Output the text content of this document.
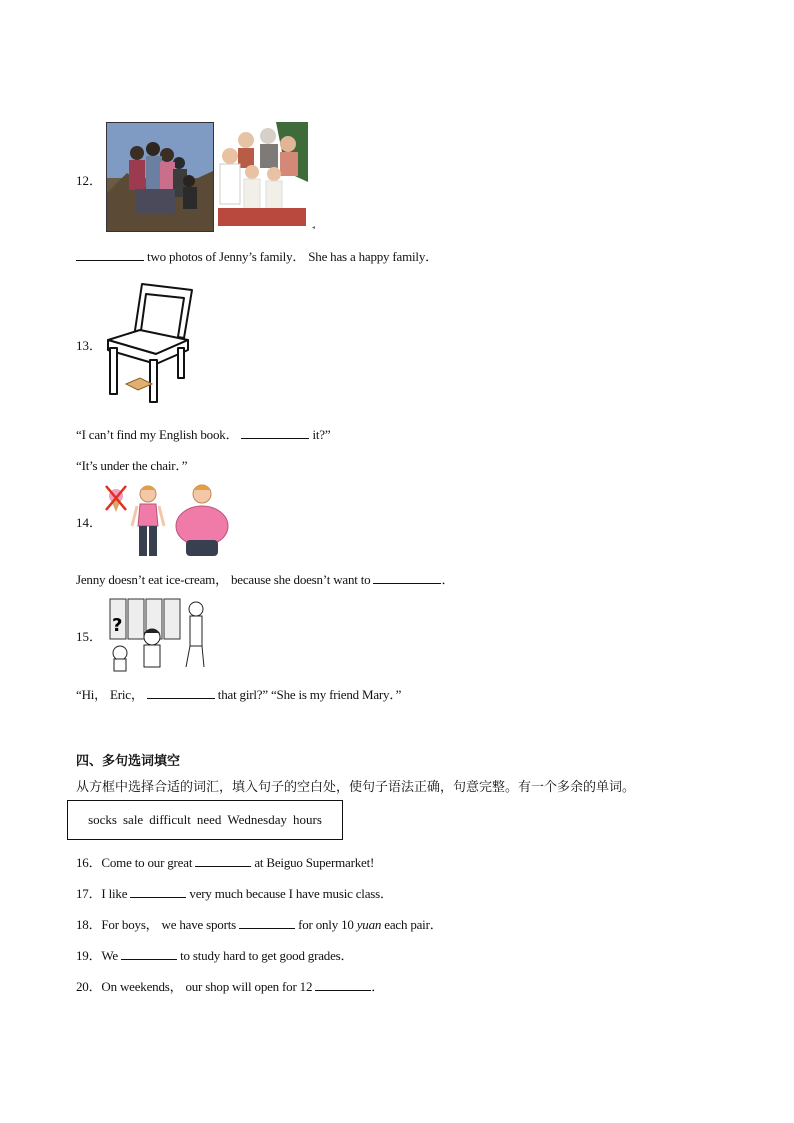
12．
◂
two photos of Jenny’s family． She has a happy family．
13．
“I can’t find my English book．	it?”
“It’s under the chair．”
14．
Jenny doesn’t eat ice-cream， because she doesn’t want to	．
15．
?
“Hi， Eric，	that girl?” “She is my friend Mary．”
四、多句选词填空
从方框中选择合适的词汇，填入句子的空白处，使句子语法正确，句意完整。有一个多余的单词。
socks sale difficult need Wednesday hours
16．Come to our great	at Beiguo Supermarket!
17．I like	very much because I have music class．
18．For boys， we have sports	for only 10 yuan each pair．
19．We	to study hard to get good grades．
20．On weekends， our shop will open for 12	．
